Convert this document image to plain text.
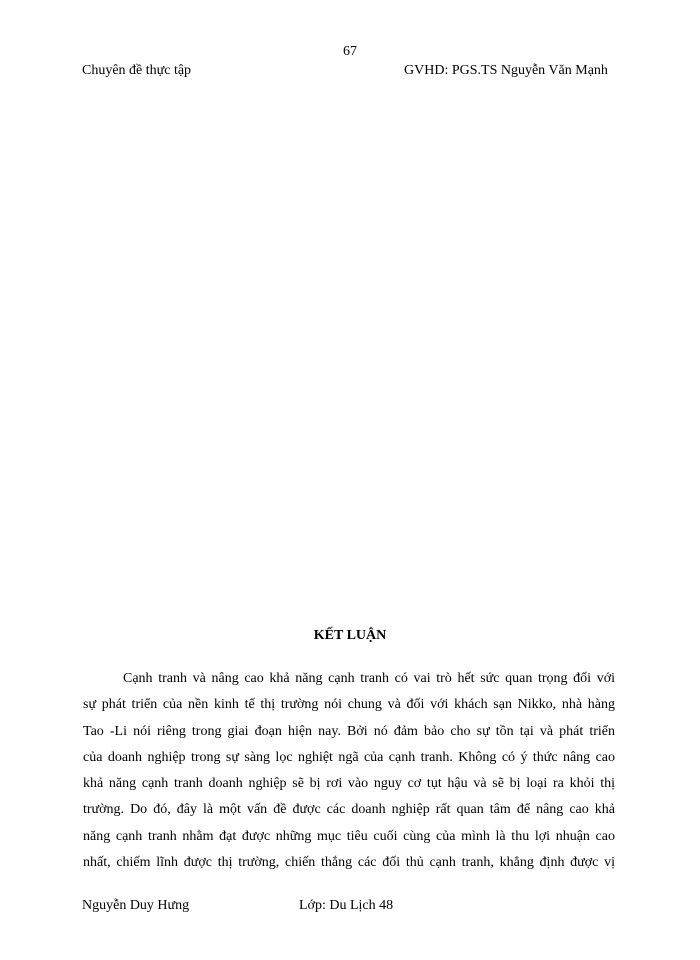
67
Chuyên đề thực tập	GVHD: PGS.TS Nguyễn Văn Mạnh
KẾT LUẬN

Cạnh tranh và nâng cao khả năng cạnh tranh có vai trò hết sức quan trọng đối với
sự phát triển của nền kinh tế thị trường nói chung và đối với khách sạn Nikko, nhà hàng
Tao -Li nói riêng trong giai đoạn hiện nay. Bởi nó đảm bảo cho sự tồn tại và phát triển
của doanh nghiệp trong sự sàng lọc nghiệt ngã của cạnh tranh. Không có ý thức nâng cao
khả năng cạnh tranh doanh nghiệp sẽ bị rơi vào nguy cơ tụt hậu và sẽ bị loại ra khỏi thị
trường. Do đó, đây là một vấn đề được các doanh nghiệp rất quan tâm để nâng cao khả
năng cạnh tranh nhằm đạt được những mục tiêu cuối cùng của mình là thu lợi nhuận cao
nhất, chiếm lĩnh được thị trường, chiến thắng các đối thủ cạnh tranh, khẳng định được vị

Nguyễn Duy Hưng	Lớp: Du Lịch 48
